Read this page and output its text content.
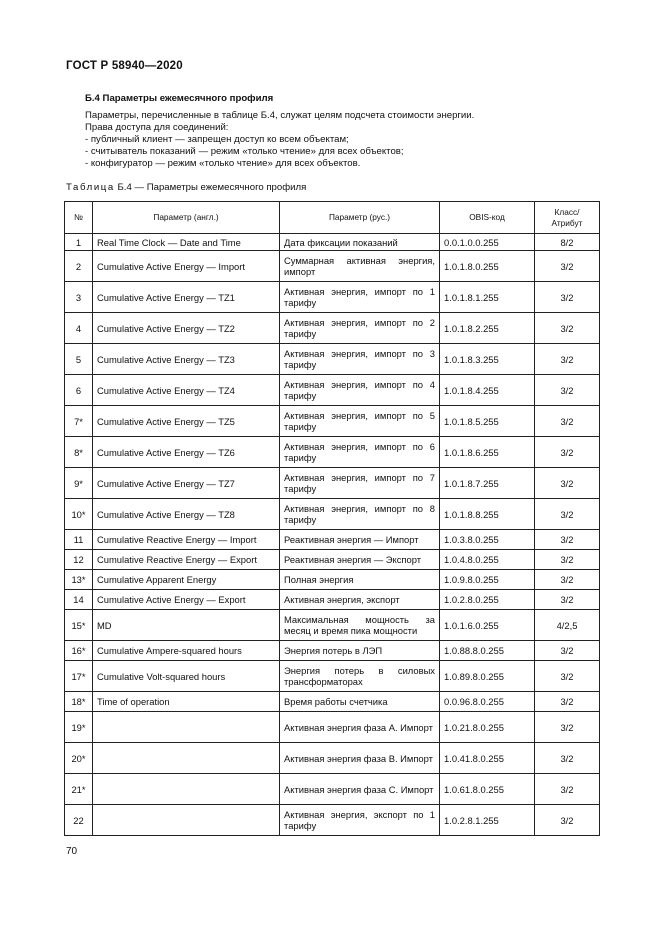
ГОСТ Р 58940—2020
Б.4 Параметры ежемесячного профиля
Параметры, перечисленные в таблице Б.4, служат целям подсчета стоимости энергии.
Права доступа для соединений:
- публичный клиент — запрещен доступ ко всем объектам;
- считыватель показаний — режим «только чтение» для всех объектов;
- конфигуратор — режим «только чтение» для всех объектов.
Таблица Б.4 — Параметры ежемесячного профиля
№	Параметр (англ.)	Параметр (рус.)	OBIS-код	Класс/
Атрибут
1	Real Time Clock — Date and Time	Дата фиксации показаний	0.0.1.0.0.255	8/2
2	Cumulative Active Energy — Import	Суммарная активная энергия, импорт	1.0.1.8.0.255	3/2
3	Cumulative Active Energy — TZ1	Активная энергия, импорт по 1 тарифу	1.0.1.8.1.255	3/2
4	Cumulative Active Energy — TZ2	Активная энергия, импорт по 2 тарифу	1.0.1.8.2.255	3/2
5	Cumulative Active Energy — TZ3	Активная энергия, импорт по 3 тарифу	1.0.1.8.3.255	3/2
6	Cumulative Active Energy — TZ4	Активная энергия, импорт по 4 тарифу	1.0.1.8.4.255	3/2
7*	Cumulative Active Energy — TZ5	Активная энергия, импорт по 5 тарифу	1.0.1.8.5.255	3/2
8*	Cumulative Active Energy — TZ6	Активная энергия, импорт по 6 тарифу	1.0.1.8.6.255	3/2
9*	Cumulative Active Energy — TZ7	Активная энергия, импорт по 7 тарифу	1.0.1.8.7.255	3/2
10*	Cumulative Active Energy — TZ8	Активная энергия, импорт по 8 тарифу	1.0.1.8.8.255	3/2
11	Cumulative Reactive Energy — Import	Реактивная энергия — Импорт	1.0.3.8.0.255	3/2
12	Cumulative Reactive Energy — Export	Реактивная энергия — Экспорт	1.0.4.8.0.255	3/2
13*	Cumulative Apparent Energy	Полная энергия	1.0.9.8.0.255	3/2
14	Cumulative Active Energy — Export	Активная энергия, экспорт	1.0.2.8.0.255	3/2
15*	MD	Максимальная мощность за месяц и время пика мощности	1.0.1.6.0.255	4/2,5
16*	Cumulative Ampere-squared hours	Энергия потерь в ЛЭП	1.0.88.8.0.255	3/2
17*	Cumulative Volt-squared hours	Энергия потерь в силовых трансформаторах	1.0.89.8.0.255	3/2
18*	Time of operation	Время работы счетчика	0.0.96.8.0.255	3/2
19*		Активная энергия фаза A. Импорт	1.0.21.8.0.255	3/2
20*		Активная энергия фаза B. Импорт	1.0.41.8.0.255	3/2
21*		Активная энергия фаза C. Импорт	1.0.61.8.0.255	3/2
22		Активная энергия, экспорт по 1 тарифу	1.0.2.8.1.255	3/2
70
